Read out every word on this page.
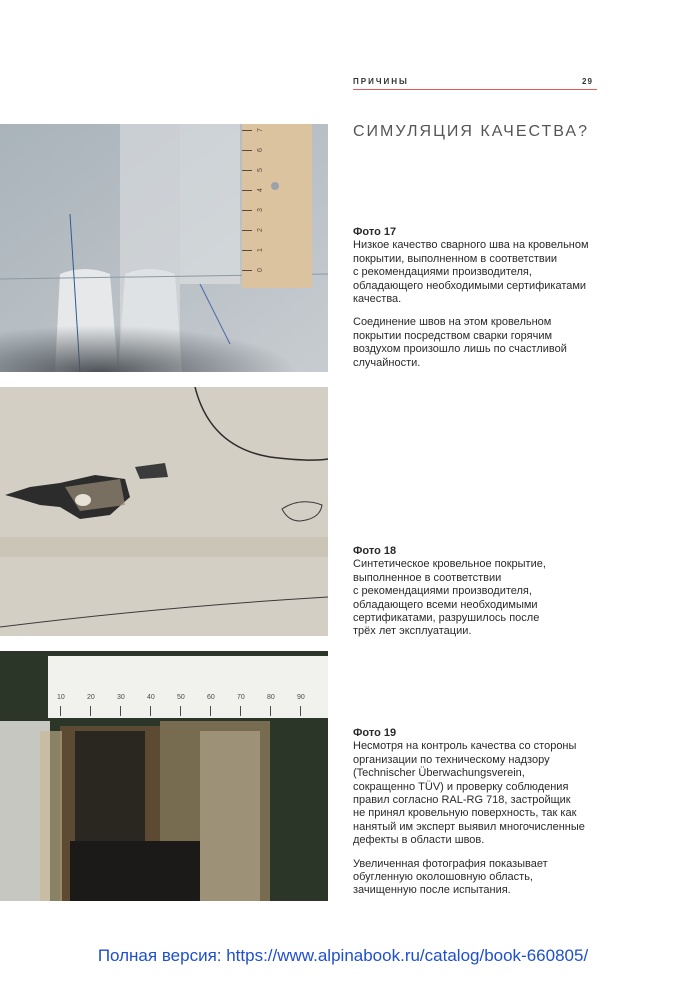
ПРИЧИНЫ	29
СИМУЛЯЦИЯ КАЧЕСТВА?
0
1
2
3
4
5
6
7
Фото 17

Низкое качество сварного шва на кровельном
покрытии, выполненном в соответствии
с рекомендациями производителя,
обладающего необходимыми сертификатами
качества.

Соединение швов на этом кровельном
покрытии посредством сварки горячим
воздухом произошло лишь по счастливой
случайности.

Фото 18

Синтетическое кровельное покрытие,
выполненное в соответствии
с рекомендациями производителя,
обладающего всеми необходимыми
сертификатами, разрушилось после
трёх лет эксплуатации.

10	20	30	40	50	60	70	80	90
Фото 19

Несмотря на контроль качества со стороны
организации по техническому надзору
(Technischer Überwachungsverein,
сокращенно TÜV) и проверку соблюдения
правил согласно RAL-RG 718, застройщик
не принял кровельную поверхность, так как
нанятый им эксперт выявил многочисленные
дефекты в области швов.

Увеличенная фотография показывает
обугленную околошовную область,
зачищенную после испытания.

Полная версия: https://www.alpinabook.ru/catalog/book-660805/
